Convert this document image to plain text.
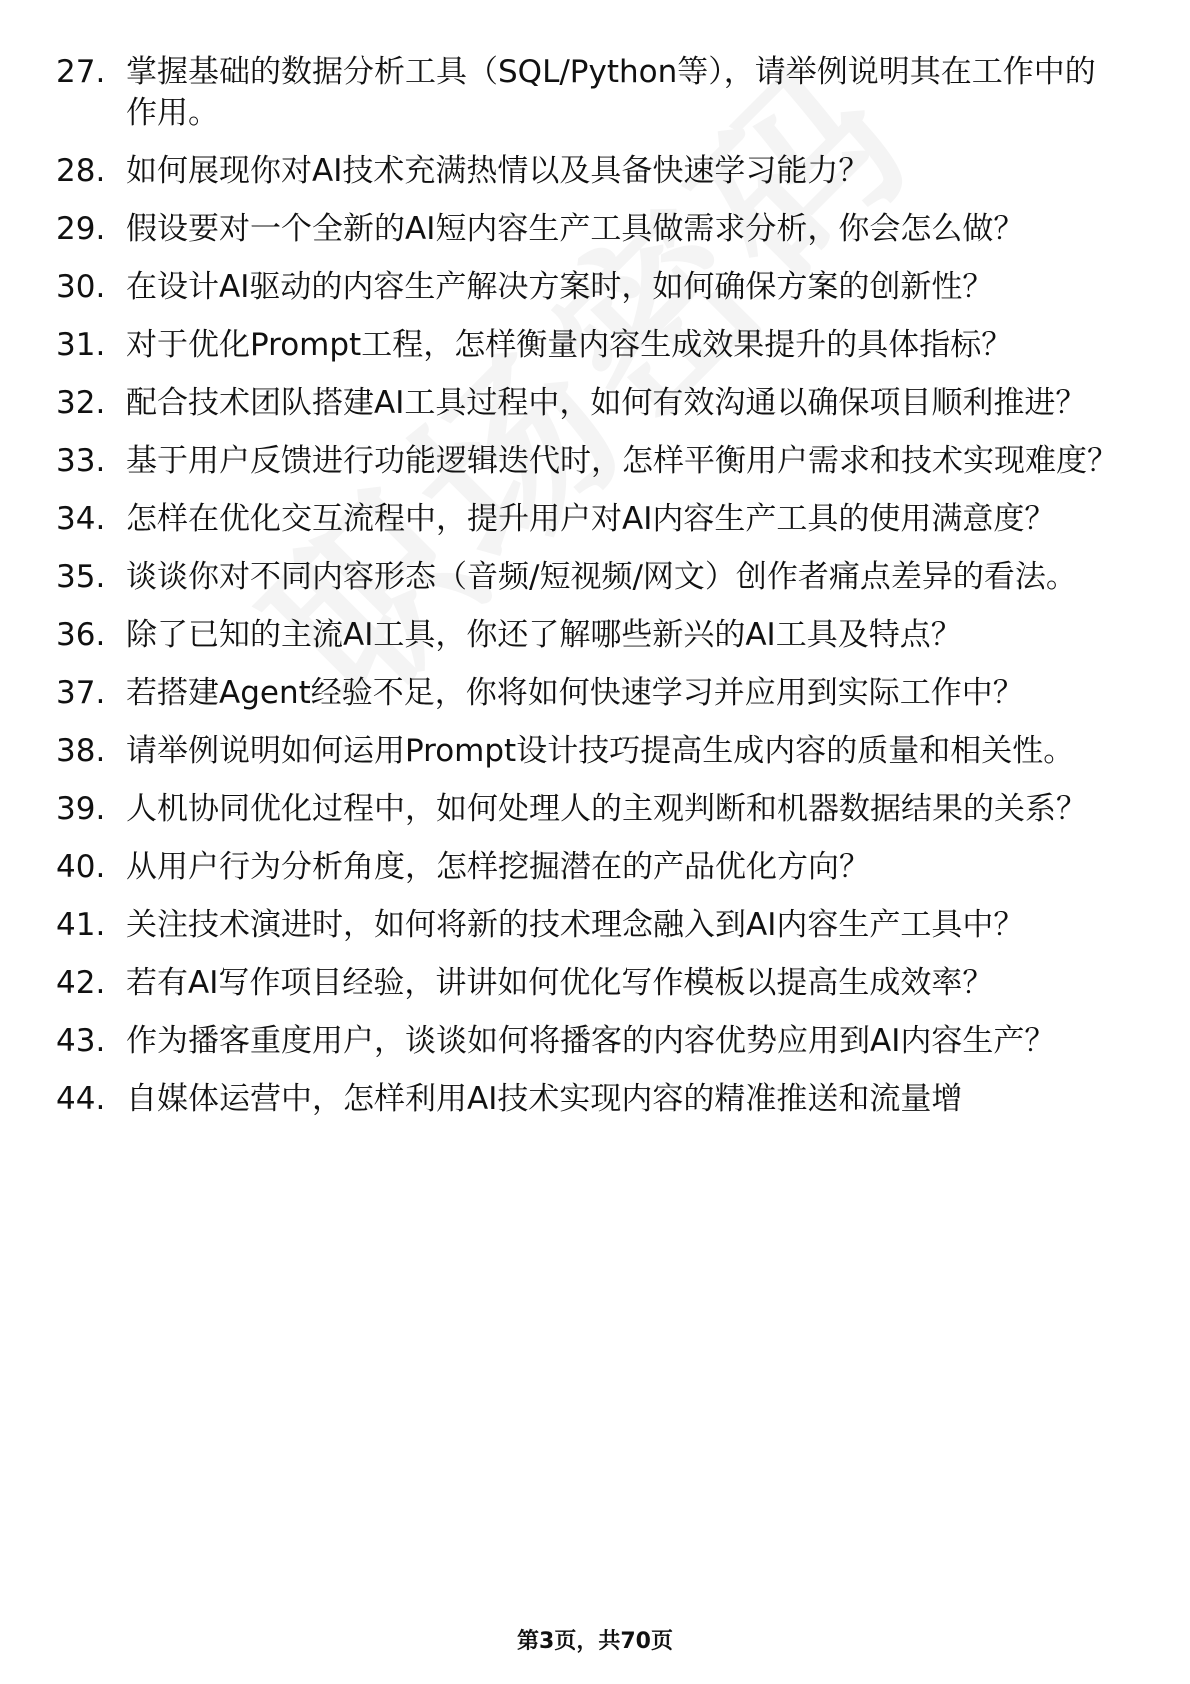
27. 掌握基础的数据分析工具（SQL/Python等），请举例说明其在工作中的作用。
28. 如何展现你对AI技术充满热情以及具备快速学习能力？
29. 假设要对一个全新的AI短内容生产工具做需求分析，你会怎么做？
30. 在设计AI驱动的内容生产解决方案时，如何确保方案的创新性？
31. 对于优化Prompt工程，怎样衡量内容生成效果提升的具体指标？
32. 配合技术团队搭建AI工具过程中，如何有效沟通以确保项目顺利推进？
33. 基于用户反馈进行功能逻辑迭代时，怎样平衡用户需求和技术实现难度？
34. 怎样在优化交互流程中，提升用户对AI内容生产工具的使用满意度？
35. 谈谈你对不同内容形态（音频/短视频/网文）创作者痛点差异的看法。
36. 除了已知的主流AI工具，你还了解哪些新兴的AI工具及特点？
37. 若搭建Agent经验不足，你将如何快速学习并应用到实际工作中？
38. 请举例说明如何运用Prompt设计技巧提高生成内容的质量和相关性。
39. 人机协同优化过程中，如何处理人的主观判断和机器数据结果的关系？
40. 从用户行为分析角度，怎样挖掘潜在的产品优化方向？
41. 关注技术演进时，如何将新的技术理念融入到AI内容生产工具中？
42. 若有AI写作项目经验，讲讲如何优化写作模板以提高生成效率？
43. 作为播客重度用户，谈谈如何将播客的内容优势应用到AI内容生产？
44. 自媒体运营中，怎样利用AI技术实现内容的精准推送和流量增
第3页，共70页
